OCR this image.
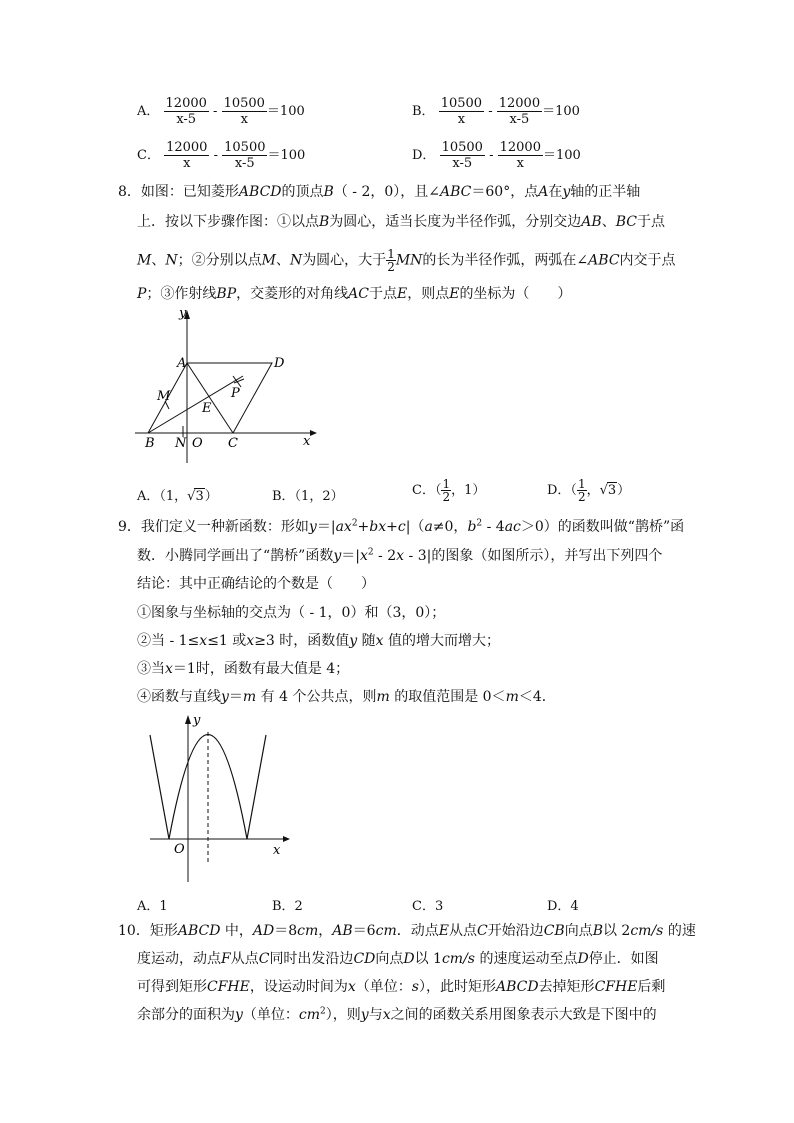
A． $\frac{12000}{x-5} - \frac{10500}{x} =100$	B． $\frac{10500}{x} - \frac{12000}{x-5} =100$
C． $\frac{12000}{x} - \frac{10500}{x-5} =100$	D． $\frac{10500}{x-5} - \frac{12000}{x} =100$
8．如图：已知菱形ABCD的顶点B（ - 2，0），且∠ABC＝60°，点A在y轴的正半轴
上．按以下步骤作图：①以点B为圆心，适当长度为半径作弧，分别交边AB、BC于点
M、N；②分别以点M、N为圆心，大于 $\frac{1}{2}$ MN的长为半径作弧，两弧在∠ABC内交于点
P；③作射线BP，交菱形的对角线AC于点E，则点E的坐标为（　　）
y
x
A	D
M	P
E
B N O C
A．（1，√3）	B．（1，2）	C．（ $\frac{1}{2}$ ，1）	D．（ $\frac{1}{2}$ ，√3）
9．我们定义一种新函数：形如$y=|ax^2+bx+c|(a\ne 0$，$b^2 - 4ac>0$）的函数叫做“鹊桥”函
数．小腾同学画出了“鹊桥”函数$y=|x^2 - 2x - 3|$的图象（如图所示），并写出下列四个
结论：其中正确结论的个数是（　　）
①图象与坐标轴的交点为（ - 1，0）和（3，0）；
②当 - 1≤x≤1 或x≥3 时，函数值y 随x 值的增大而增大；
③当x＝1时，函数有最大值是 4；
④函数与直线y＝m 有 4 个公共点，则m 的取值范围是 0＜m＜4．
y
x
O
A．1	B．2	C．3	D．4
10．矩形ABCD 中，AD＝8cm，AB＝6cm．动点E从点C开始沿边CB向点B以 2cm/s 的速
度运动，动点F从点C同时出发沿边CD向点D以 1cm/s 的速度运动至点D停止．如图
可得到矩形CFHE，设运动时间为x（单位：s），此时矩形ABCD去掉矩形CFHE后剩
余部分的面积为y（单位：$cm^2$），则y与x之间的函数关系用图象表示大致是下图中的
